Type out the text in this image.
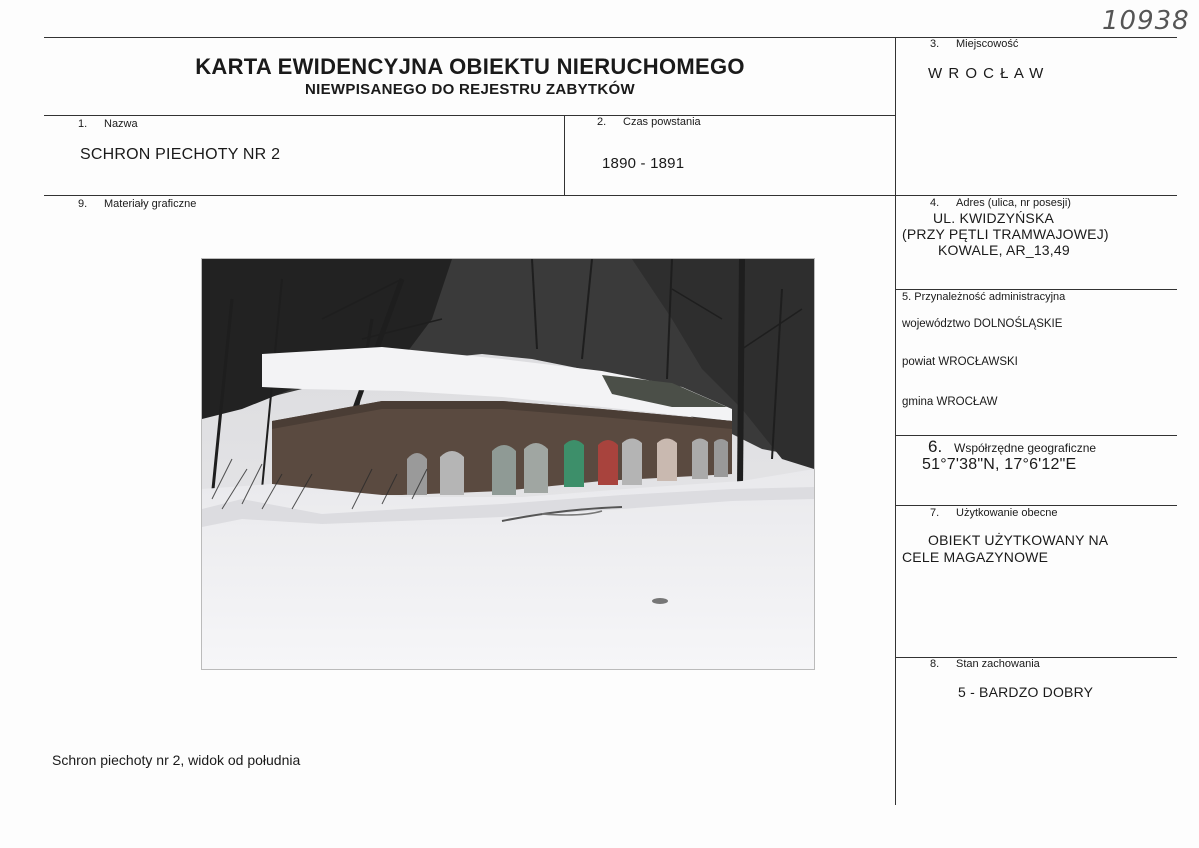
10938
KARTA EWIDENCYJNA OBIEKTU NIERUCHOMEGO
NIEWPISANEGO DO REJESTRU ZABYTKÓW
1. Nazwa
SCHRON PIECHOTY NR 2
2. Czas powstania
1890 - 1891
3. Miejscowość
W R O C Ł A W
9. Materiały graficzne
Schron piechoty nr 2, widok od południa
4. Adres (ulica, nr posesji)
UL. KWIDZYŃSKA
(PRZY PĘTLI TRAMWAJOWEJ)
KOWALE, AR_13,49
5. Przynależność administracyjna
województwo DOLNOŚLĄSKIE
powiat WROCŁAWSKI
gmina WROCŁAW
6. Współrzędne geograficzne
51°7'38"N, 17°6'12"E
7. Użytkowanie obecne
OBIEKT UŻYTKOWANY NA
CELE MAGAZYNOWE
8. Stan zachowania
5 - BARDZO DOBRY
